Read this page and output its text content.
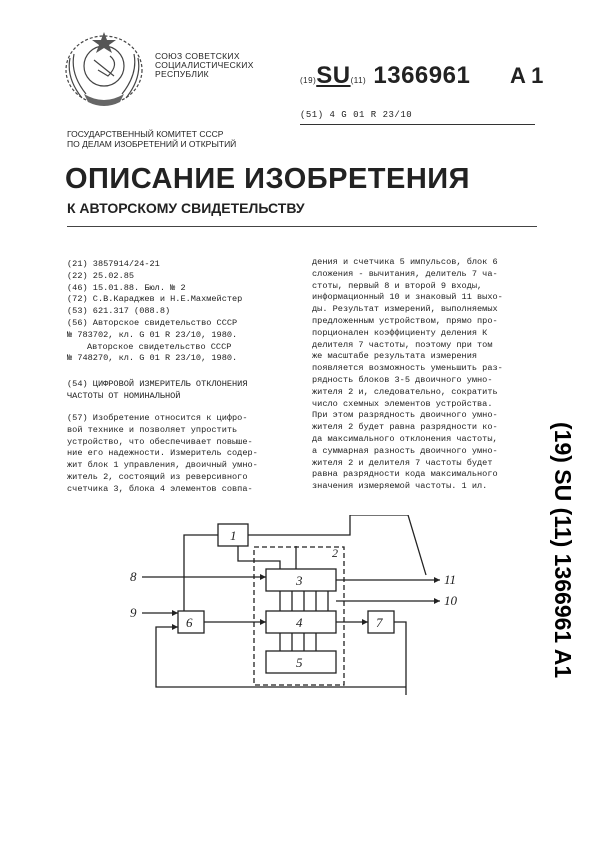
СОЮЗ СОВЕТСКИХ
СОЦИАЛИСТИЧЕСКИХ
РЕСПУБЛИК
(19)SU(11) 1366961 A 1
(51) 4 G 01 R 23/10
ГОСУДАРСТВЕННЫЙ КОМИТЕТ СССР
ПО ДЕЛАМ ИЗОБРЕТЕНИЙ И ОТКРЫТИЙ
ОПИСАНИЕ ИЗОБРЕТЕНИЯ
К АВТОРСКОМУ СВИДЕТЕЛЬСТВУ
(21) 3857914/24-21
(22) 25.02.85
(46) 15.01.88. Бюл. № 2
(72) С.В.Караджев и Н.Е.Махмейстер
(53) 621.317 (088.8)
(56) Авторское свидетельство СССР
№ 783702, кл. G 01 R 23/10, 1980.
Авторское свидетельство СССР
№ 748270, кл. G 01 R 23/10, 1980.
(54) ЦИФРОВОЙ ИЗМЕРИТЕЛЬ ОТКЛОНЕНИЯ
ЧАСТОТЫ ОТ НОМИНАЛЬНОЙ

(57) Изобретение относится к цифро-

вой технике и позволяет упростить

устройство, что обеспечивает повыше-

ние его надежности. Измеритель содер-

жит блок 1 управления, двоичный умно-

житель 2, состоящий из реверсивного

счетчика 3, блока 4 элементов совпа-

дения и счетчика 5 импульсов, блок 6

сложения - вычитания, делитель 7 ча-

стоты, первый 8 и второй 9 входы,

информационный 10 и знаковый 11 выхо-

ды. Результат измерений, выполняемых

предложенным устройством, прямо про-

порционален коэффициенту деления К

делителя 7 частоты, поэтому при том

же масштабе результата измерения

появляется возможность уменьшить раз-

рядность блоков 3-5 двоичного умно-

жителя 2 и, следовательно, сократить

число схемных элементов устройства.

При этом разрядность двоичного умно-

жителя 2 будет равна разрядности ко-

да максимального отклонения частоты,

а суммарная разность двоичного умно-

жителя 2 и делителя 7 частоты будет

равна разрядности кода максимального

значения измеряемой частоты. 1 ил.	(19) SU (11) 1366961 A1
2
1
3
4
5
6	7
8
9
11
10
